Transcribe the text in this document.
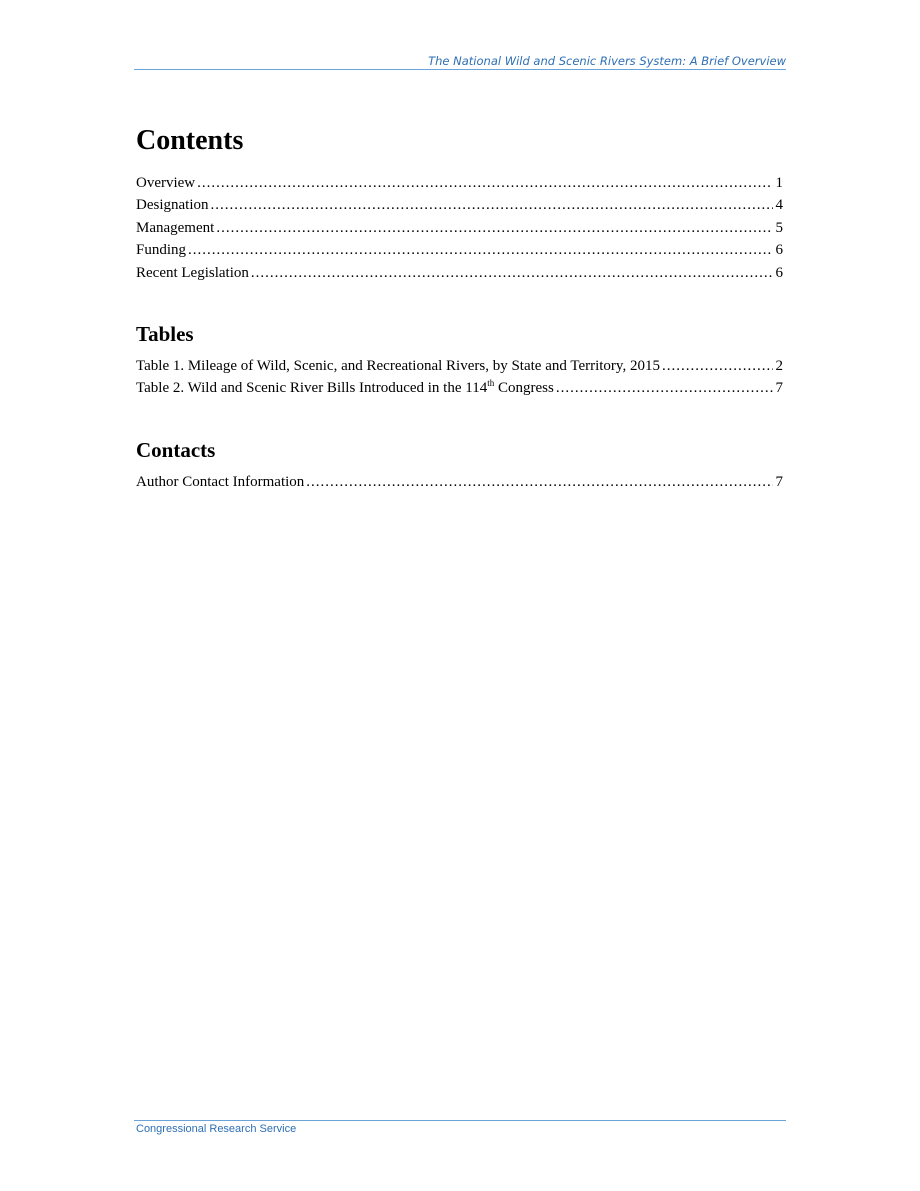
The National Wild and Scenic Rivers System: A Brief Overview
Contents
Overview .....	1
Designation .....	4
Management .....	5
Funding .....	6
Recent Legislation .....	6
Tables
Table 1. Mileage of Wild, Scenic, and Recreational Rivers, by State and Territory, 2015 .....	2
Table 2. Wild and Scenic River Bills Introduced in the 114th Congress .....	7
Contacts
Author Contact Information .....	7
Congressional Research Service
